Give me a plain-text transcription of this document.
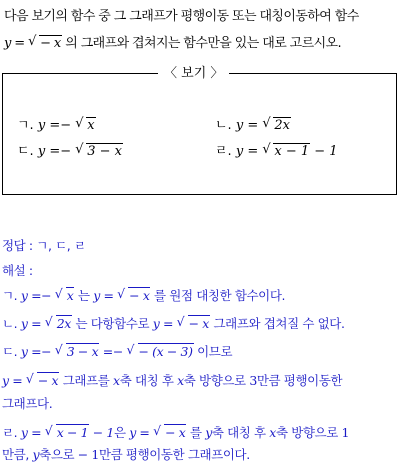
다음 보기의 함수 중 그 그래프가 평행이동 또는 대칭이동하여 함수
y = √ − x 의 그래프와 겹쳐지는 함수만을 있는 대로 고르시오.
〈 보기 〉
ㄱ. y =− √ x	ㄴ. y = √ 2x
ㄷ. y =− √ 3 − x	ㄹ. y = √ x − 1 − 1
정답 : ㄱ, ㄷ, ㄹ
해설 :
ㄱ. y =− √ x 는 y = √ − x 를 원점 대칭한 함수이다.
ㄴ. y = √ 2x 는 다항함수로 y = √ − x 그래프와 겹쳐질 수 없다.
ㄷ. y =− √ 3 − x =− √ − (x − 3) 이므로
y = √ − x 그래프를 x축 대칭 후 x축 방향으로 3만큼 평행이동한
그래프다.
ㄹ. y = √ x − 1 − 1은 y = √ − x 를 y축 대칭 후 x축 방향으로 1
만큼, y축으로 − 1만큼 평행이동한 그래프이다.
